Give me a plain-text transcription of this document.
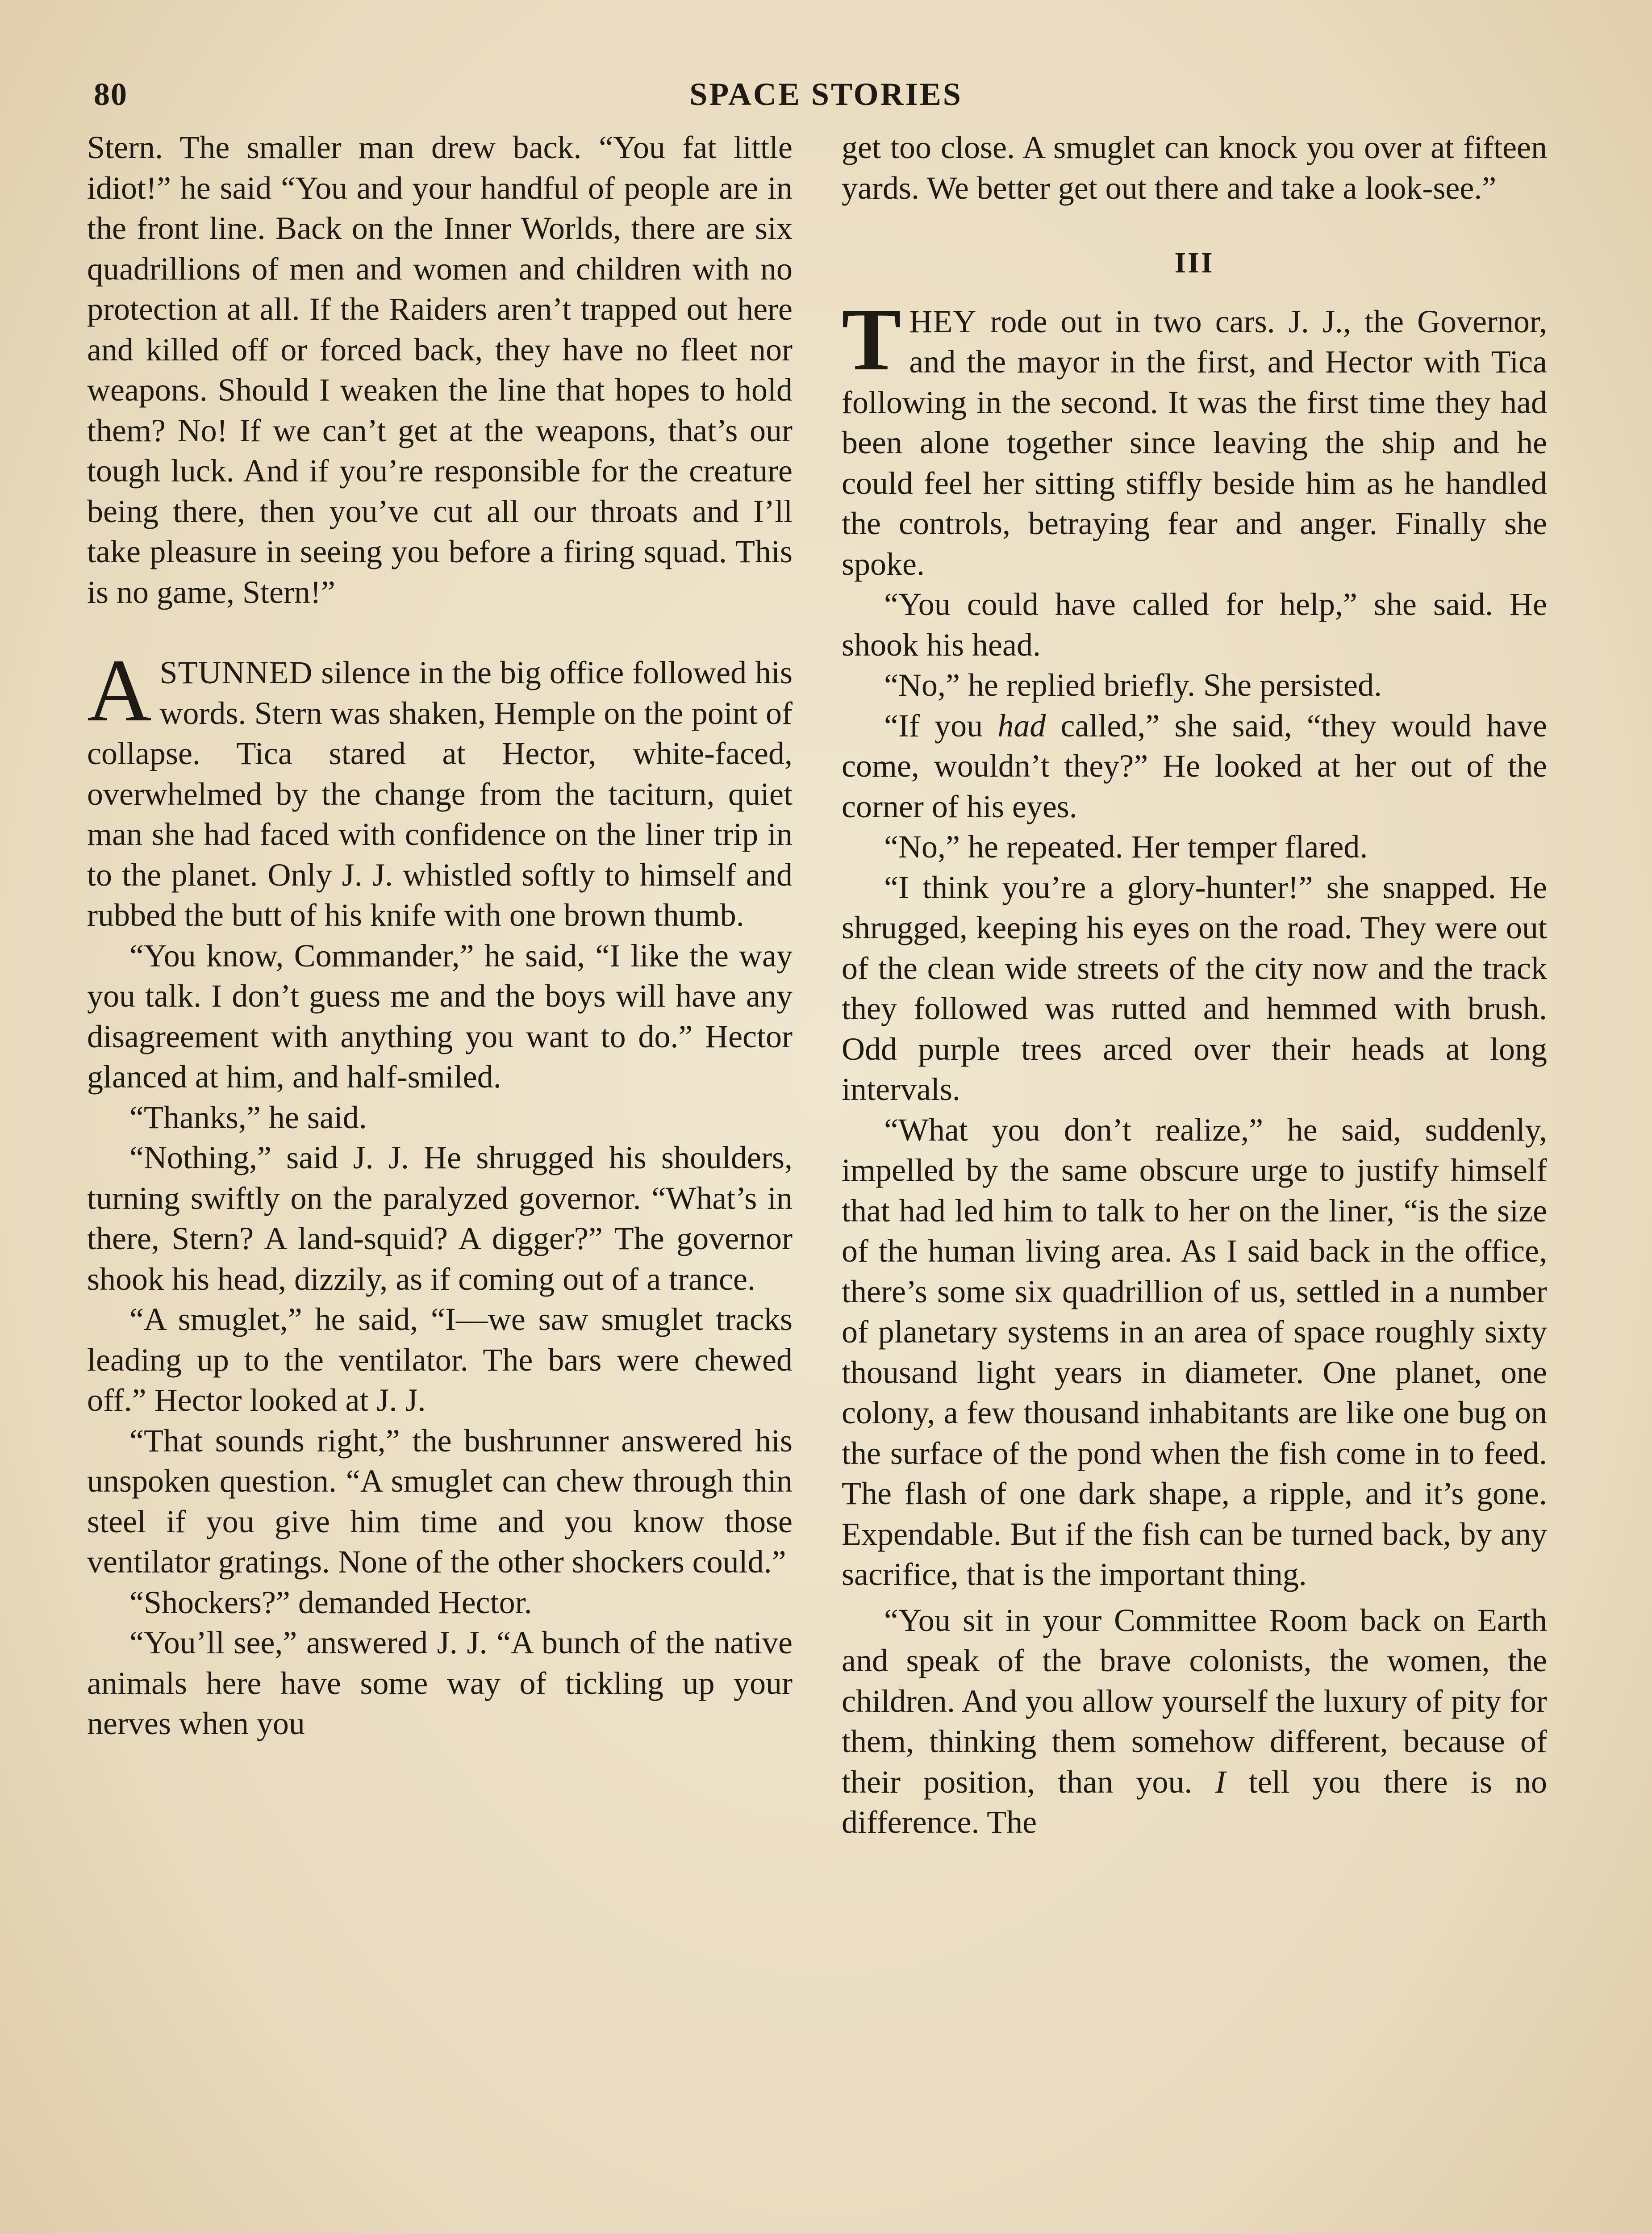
80	SPACE STORIES

Stern. The smaller man drew back. “You fat little idiot!” he said “You and your handful of people are in the front line. Back on the Inner Worlds, there are six quadrillions of men and women and children with no protection at all. If the Raiders aren’t trapped out here and killed off or forced back, they have no fleet nor weapons. Should I weaken the line that hopes to hold them? No! If we can’t get at the weapons, that’s our tough luck. And if you’re responsible for the creature being there, then you’ve cut all our throats and I’ll take pleasure in seeing you before a firing squad. This is no game, Stern!”

ASTUNNED silence in the big office followed his words. Stern was shaken, Hemple on the point of collapse. Tica stared at Hector, white-faced, overwhelmed by the change from the taciturn, quiet man she had faced with confidence on the liner trip in to the planet. Only J. J. whistled softly to himself and rubbed the butt of his knife with one brown thumb.

“You know, Commander,” he said, “I like the way you talk. I don’t guess me and the boys will have any disagreement with anything you want to do.” Hector glanced at him, and half-smiled.

“Thanks,” he said.

“Nothing,” said J. J. He shrugged his shoulders, turning swiftly on the paralyzed governor. “What’s in there, Stern? A land-squid? A digger?” The governor shook his head, dizzily, as if coming out of a trance.

“A smuglet,” he said, “I—we saw smuglet tracks leading up to the ventilator. The bars were chewed off.” Hector looked at J. J.

“That sounds right,” the bushrunner answered his unspoken question. “A smuglet can chew through thin steel if you give him time and you know those ventilator gratings. None of the other shockers could.”

“Shockers?” demanded Hector.

“You’ll see,” answered J. J. “A bunch of the native animals here have some way of tickling up your nerves when you

get too close. A smuglet can knock you over at fifteen yards. We better get out there and take a look-see.”

III

THEY rode out in two cars. J. J., the Governor, and the mayor in the first, and Hector with Tica following in the second. It was the first time they had been alone together since leaving the ship and he could feel her sitting stiffly beside him as he handled the controls, betraying fear and anger. Finally she spoke.

“You could have called for help,” she said. He shook his head.

“No,” he replied briefly. She persisted.

“If you had called,” she said, “they would have come, wouldn’t they?” He looked at her out of the corner of his eyes.

“No,” he repeated. Her temper flared.

“I think you’re a glory-hunter!” she snapped. He shrugged, keeping his eyes on the road. They were out of the clean wide streets of the city now and the track they followed was rutted and hemmed with brush. Odd purple trees arced over their heads at long intervals.

“What you don’t realize,” he said, suddenly, impelled by the same obscure urge to justify himself that had led him to talk to her on the liner, “is the size of the human living area. As I said back in the office, there’s some six quadrillion of us, settled in a number of planetary systems in an area of space roughly sixty thousand light years in diameter. One planet, one colony, a few thousand inhabitants are like one bug on the surface of the pond when the fish come in to feed. The flash of one dark shape, a ripple, and it’s gone. Expendable. But if the fish can be turned back, by any sacrifice, that is the important thing.

“You sit in your Committee Room back on Earth and speak of the brave colonists, the women, the children. And you allow yourself the luxury of pity for them, thinking them somehow different, because of their position, than you. I tell you there is no difference. The
